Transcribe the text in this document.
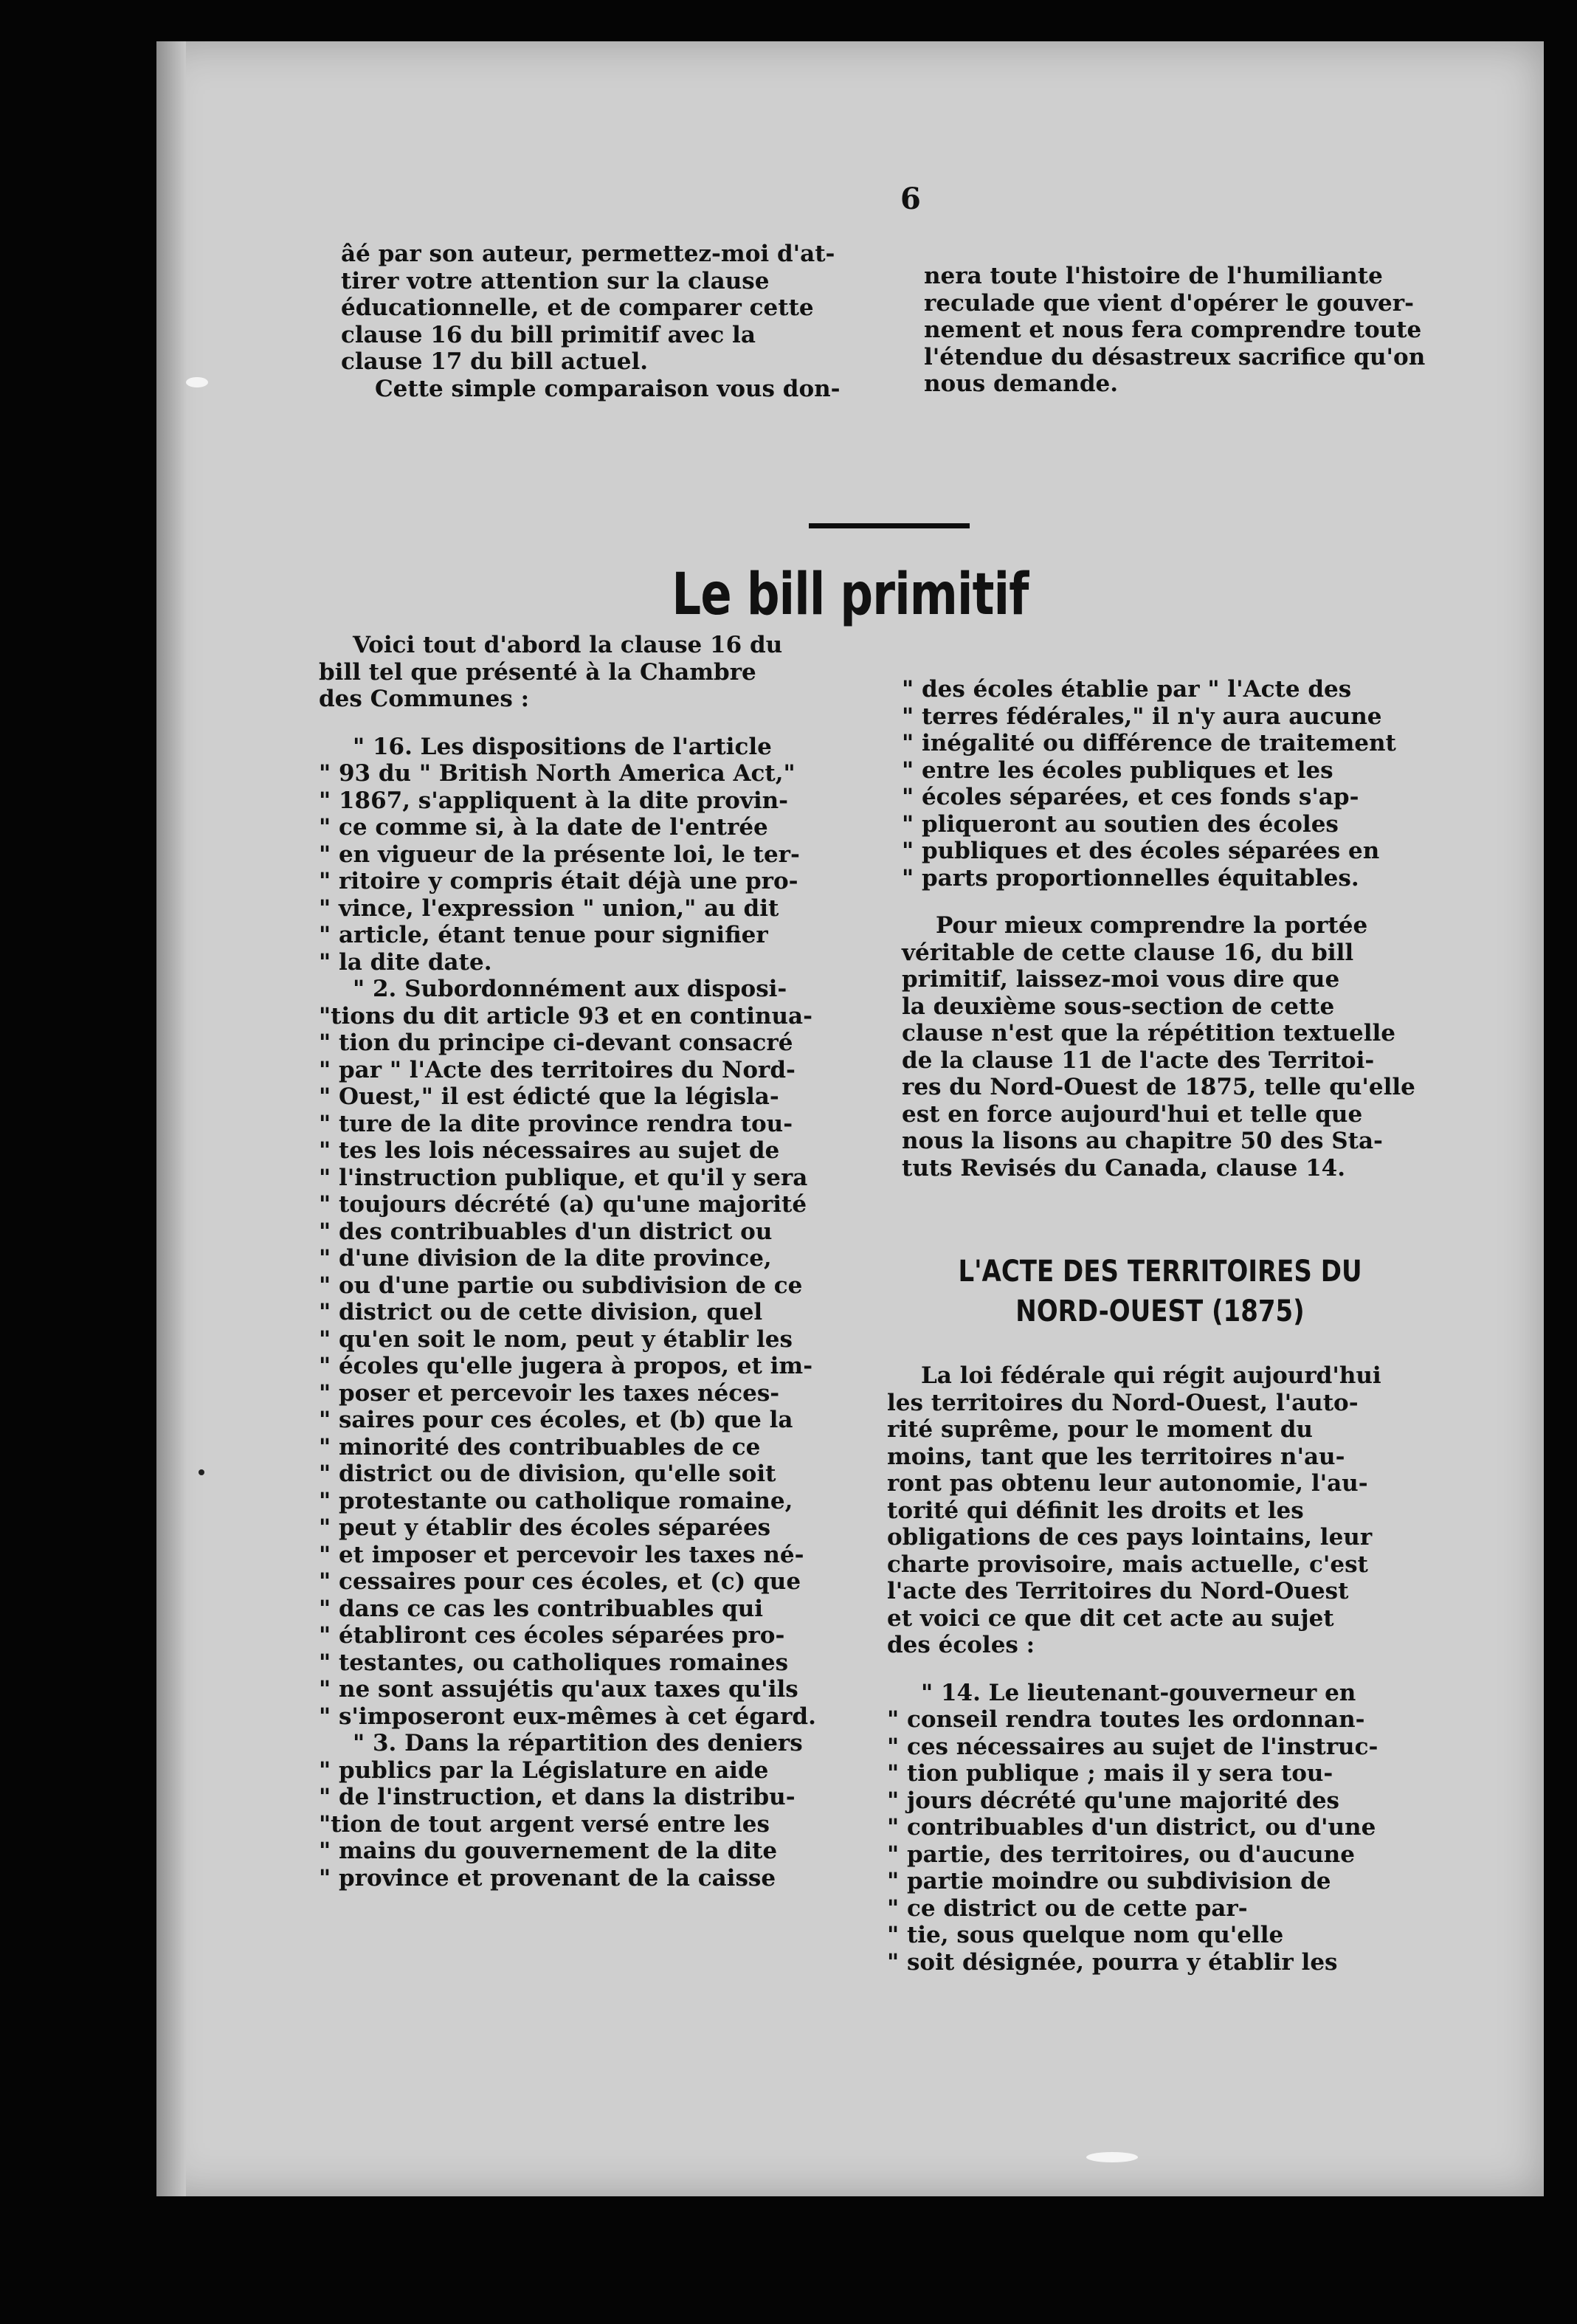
6

âé par son auteur, permettez-moi d'at-

tirer votre attention sur la clause

éducationnelle, et de comparer cette

clause 16 du bill primitif avec la

clause 17 du bill actuel.

Cette simple comparaison vous don-

nera toute l'histoire de l'humiliante

reculade que vient d'opérer le gouver-

nement et nous fera comprendre toute

l'étendue du désastreux sacrifice qu'on

nous demande.

Le bill primitif

Voici tout d'abord la clause 16 du

bill tel que présenté à la Chambre

des Communes :

" 16. Les dispositions de l'article

" 93 du " British North America Act,"

" 1867, s'appliquent à la dite provin-

" ce comme si, à la date de l'entrée

" en vigueur de la présente loi, le ter-

" ritoire y compris était déjà une pro-

" vince, l'expression " union," au dit

" article, étant tenue pour signifier

" la dite date.

" 2. Subordonnément aux disposi-

"tions du dit article 93 et en continua-

" tion du principe ci-devant consacré

" par " l'Acte des territoires du Nord-

" Ouest," il est édicté que la législa-

" ture de la dite province rendra tou-

" tes les lois nécessaires au sujet de

" l'instruction publique, et qu'il y sera

" toujours décrété (a) qu'une majorité

" des contribuables d'un district ou

" d'une division de la dite province,

" ou d'une partie ou subdivision de ce

" district ou de cette division, quel

" qu'en soit le nom, peut y établir les

" écoles qu'elle jugera à propos, et im-

" poser et percevoir les taxes néces-

" saires pour ces écoles, et (b) que la

" minorité des contribuables de ce

" district ou de division, qu'elle soit

" protestante ou catholique romaine,

" peut y établir des écoles séparées

" et imposer et percevoir les taxes né-

" cessaires pour ces écoles, et (c) que

" dans ce cas les contribuables qui

" établiront ces écoles séparées pro-

" testantes, ou catholiques romaines

" ne sont assujétis qu'aux taxes qu'ils

" s'imposeront eux-mêmes à cet égard.

" 3. Dans la répartition des deniers

" publics par la Législature en aide

" de l'instruction, et dans la distribu-

"tion de tout argent versé entre les

" mains du gouvernement de la dite

" province et provenant de la caisse

" des écoles établie par " l'Acte des

" terres fédérales," il n'y aura aucune

" inégalité ou différence de traitement

" entre les écoles publiques et les

" écoles séparées, et ces fonds s'ap-

" pliqueront au soutien des écoles

" publiques et des écoles séparées en

" parts proportionnelles équitables.

Pour mieux comprendre la portée

véritable de cette clause 16, du bill

primitif, laissez-moi vous dire que

la deuxième sous-section de cette

clause n'est que la répétition textuelle

de la clause 11 de l'acte des Territoi-

res du Nord-Ouest de 1875, telle qu'elle

est en force aujourd'hui et telle que

nous la lisons au chapitre 50 des Sta-

tuts Revisés du Canada, clause 14.

L'ACTE DES TERRITOIRES DU
NORD-OUEST (1875)

La loi fédérale qui régit aujourd'hui

les territoires du Nord-Ouest, l'auto-

rité suprême, pour le moment du

moins, tant que les territoires n'au-

ront pas obtenu leur autonomie, l'au-

torité qui définit les droits et les

obligations de ces pays lointains, leur

charte provisoire, mais actuelle, c'est

l'acte des Territoires du Nord-Ouest

et voici ce que dit cet acte au sujet

des écoles :

" 14. Le lieutenant-gouverneur en

" conseil rendra toutes les ordonnan-

" ces nécessaires au sujet de l'instruc-

" tion publique ; mais il y sera tou-

" jours décrété qu'une majorité des

" contribuables d'un district, ou d'une

" partie, des territoires, ou d'aucune

" partie moindre ou subdivision de

" ce district ou de cette par-

" tie, sous quelque nom qu'elle

" soit désignée, pourra y établir les
